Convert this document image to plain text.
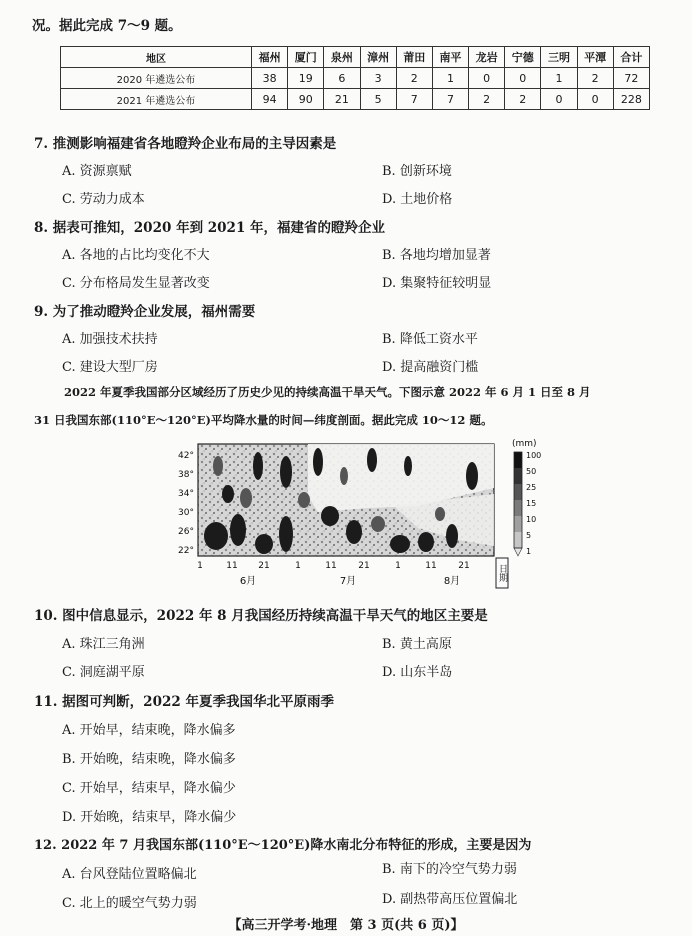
况。据此完成 7～9 题。
地区	福州	厦门	泉州	漳州	莆田	南平	龙岩	宁德	三明	平潭	合计
2020 年遴选公布	38	19	6	3	2	1	0	0	1	2	72
2021 年遴选公布	94	90	21	5	7	7	2	2	0	0	228
7. 推测影响福建省各地瞪羚企业布局的主导因素是
A. 资源禀赋	B. 创新环境
C. 劳动力成本	D. 土地价格
8. 据表可推知，2020 年到 2021 年，福建省的瞪羚企业
A. 各地的占比均变化不大	B. 各地均增加显著
C. 分布格局发生显著改变	D. 集聚特征较明显
9. 为了推动瞪羚企业发展，福州需要
A. 加强技术扶持	B. 降低工资水平
C. 建设大型厂房	D. 提高融资门槛
2022 年夏季我国部分区域经历了历史少见的持续高温干旱天气。下图示意 2022 年 6 月 1 日至 8 月
31 日我国东部(110°E～120°E)平均降水量的时间—纬度剖面。据此完成 10～12 题。
42°
38°
34°
30°
26°
22°
1	11 21	1	11 21	1	11 21
6月	7月	8月	日期
(mm)
100
50
25
15
10
5
1
10. 图中信息显示，2022 年 8 月我国经历持续高温干旱天气的地区主要是
A. 珠江三角洲	B. 黄土高原
C. 洞庭湖平原	D. 山东半岛
11. 据图可判断，2022 年夏季我国华北平原雨季
A. 开始早，结束晚，降水偏多
B. 开始晚，结束晚，降水偏多
C. 开始早，结束早，降水偏少
D. 开始晚，结束早，降水偏少
12. 2022 年 7 月我国东部(110°E～120°E)降水南北分布特征的形成，主要是因为
A. 台风登陆位置略偏北	B. 南下的冷空气势力弱
C. 北上的暖空气势力弱	D. 副热带高压位置偏北
【高三开学考·地理　第 3 页(共 6 页)】
